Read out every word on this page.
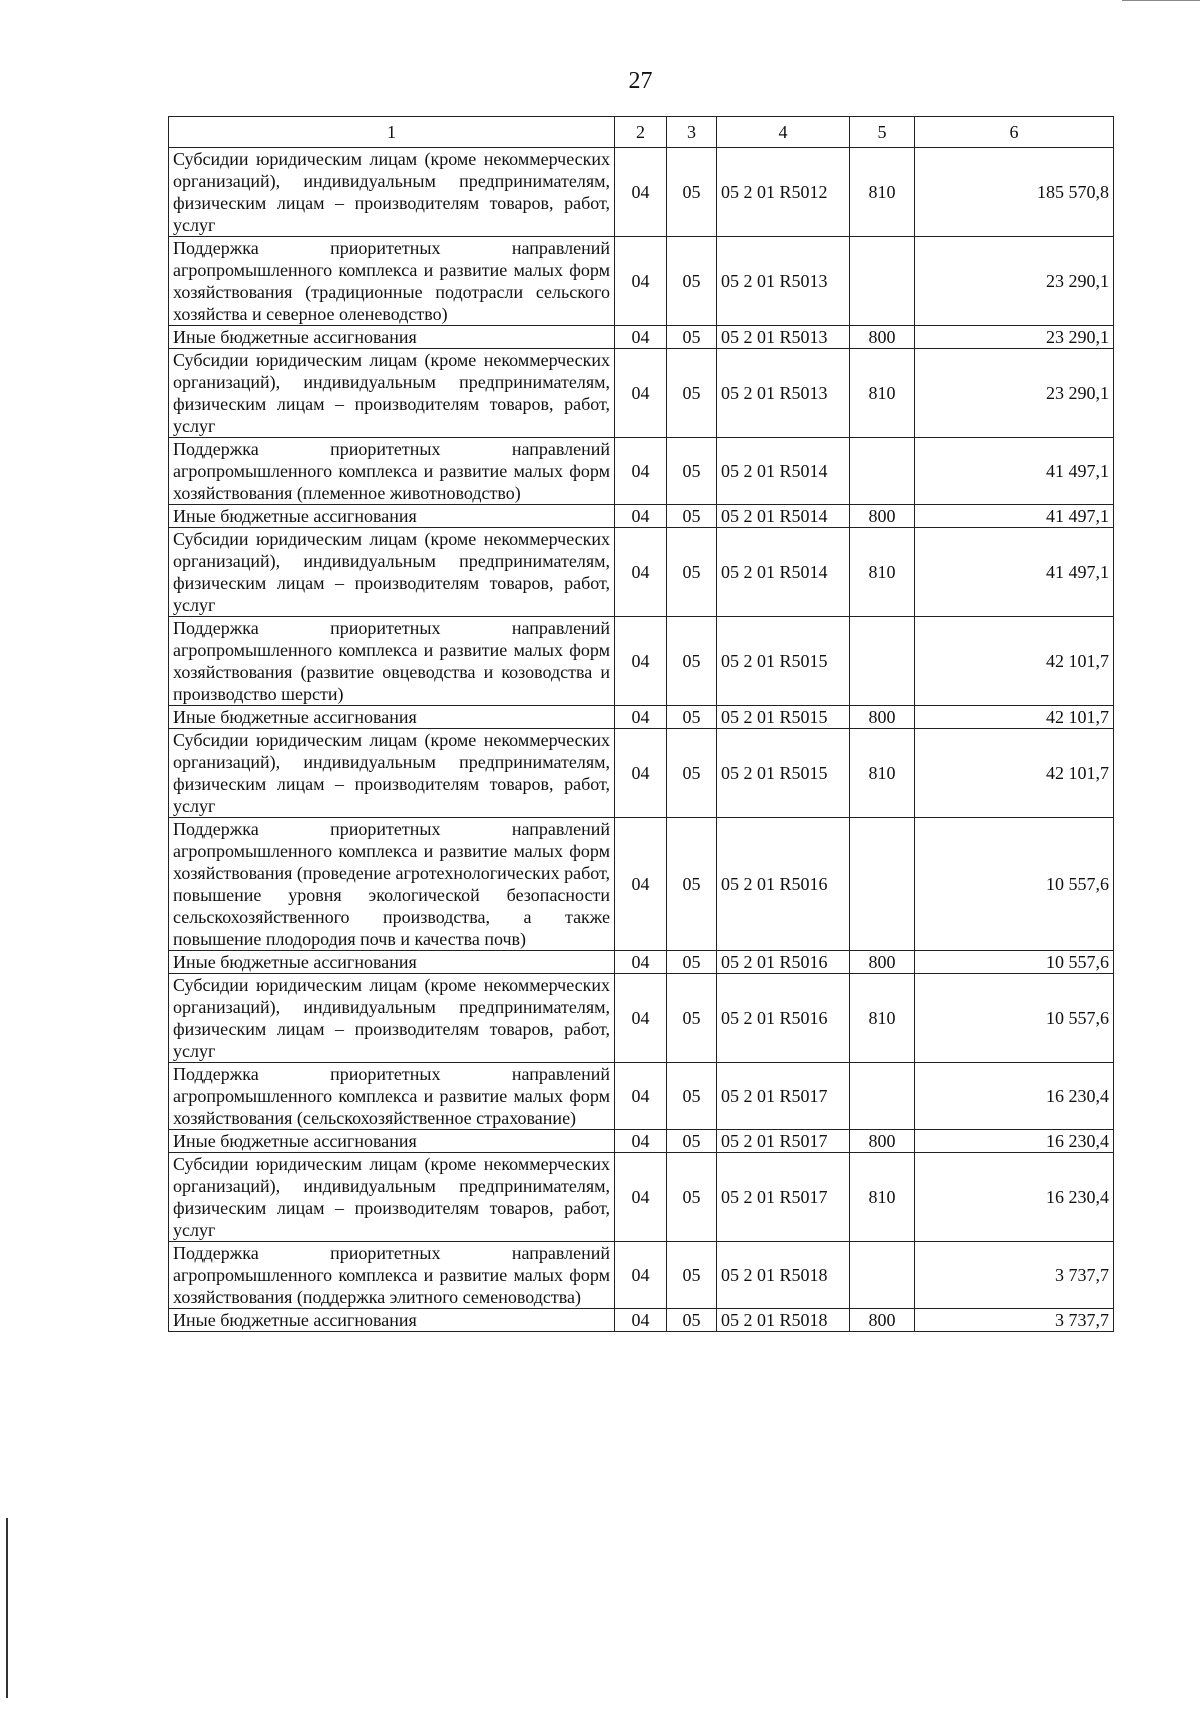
27
1	2	3	4	5	6
Субсидии юридическим лицам (кроме некоммерческих организаций), индивидуальным предпринимателям, физическим лицам – производителям товаров, работ, услуг	04	05	05 2 01 R5012	810	185 570,8
Поддержка приоритетных направлений агропромышленного комплекса и развитие малых форм хозяйствования (традиционные подотрасли сельского хозяйства и северное оленеводство)	04	05	05 2 01 R5013		23 290,1
Иные бюджетные ассигнования	04	05	05 2 01 R5013	800	23 290,1
Субсидии юридическим лицам (кроме некоммерческих организаций), индивидуальным предпринимателям, физическим лицам – производителям товаров, работ, услуг	04	05	05 2 01 R5013	810	23 290,1
Поддержка приоритетных направлений агропромышленного комплекса и развитие малых форм хозяйствования (племенное животноводство)	04	05	05 2 01 R5014		41 497,1
Иные бюджетные ассигнования	04	05	05 2 01 R5014	800	41 497,1
Субсидии юридическим лицам (кроме некоммерческих организаций), индивидуальным предпринимателям, физическим лицам – производителям товаров, работ, услуг	04	05	05 2 01 R5014	810	41 497,1
Поддержка приоритетных направлений агропромышленного комплекса и развитие малых форм хозяйствования (развитие овцеводства и козоводства и производство шерсти)	04	05	05 2 01 R5015		42 101,7
Иные бюджетные ассигнования	04	05	05 2 01 R5015	800	42 101,7
Субсидии юридическим лицам (кроме некоммерческих организаций), индивидуальным предпринимателям, физическим лицам – производителям товаров, работ, услуг	04	05	05 2 01 R5015	810	42 101,7
Поддержка приоритетных направлений агропромышленного комплекса и развитие малых форм хозяйствования (проведение агротехнологических работ, повышение уровня экологической безопасности сельскохозяйственного производства, а также повышение плодородия почв и качества почв)	04	05	05 2 01 R5016		10 557,6
Иные бюджетные ассигнования	04	05	05 2 01 R5016	800	10 557,6
Субсидии юридическим лицам (кроме некоммерческих организаций), индивидуальным предпринимателям, физическим лицам – производителям товаров, работ, услуг	04	05	05 2 01 R5016	810	10 557,6
Поддержка приоритетных направлений агропромышленного комплекса и развитие малых форм хозяйствования (сельскохозяйственное страхование)	04	05	05 2 01 R5017		16 230,4
Иные бюджетные ассигнования	04	05	05 2 01 R5017	800	16 230,4
Субсидии юридическим лицам (кроме некоммерческих организаций), индивидуальным предпринимателям, физическим лицам – производителям товаров, работ, услуг	04	05	05 2 01 R5017	810	16 230,4
Поддержка приоритетных направлений агропромышленного комплекса и развитие малых форм хозяйствования (поддержка элитного семеноводства)	04	05	05 2 01 R5018		3 737,7
Иные бюджетные ассигнования	04	05	05 2 01 R5018	800	3 737,7
